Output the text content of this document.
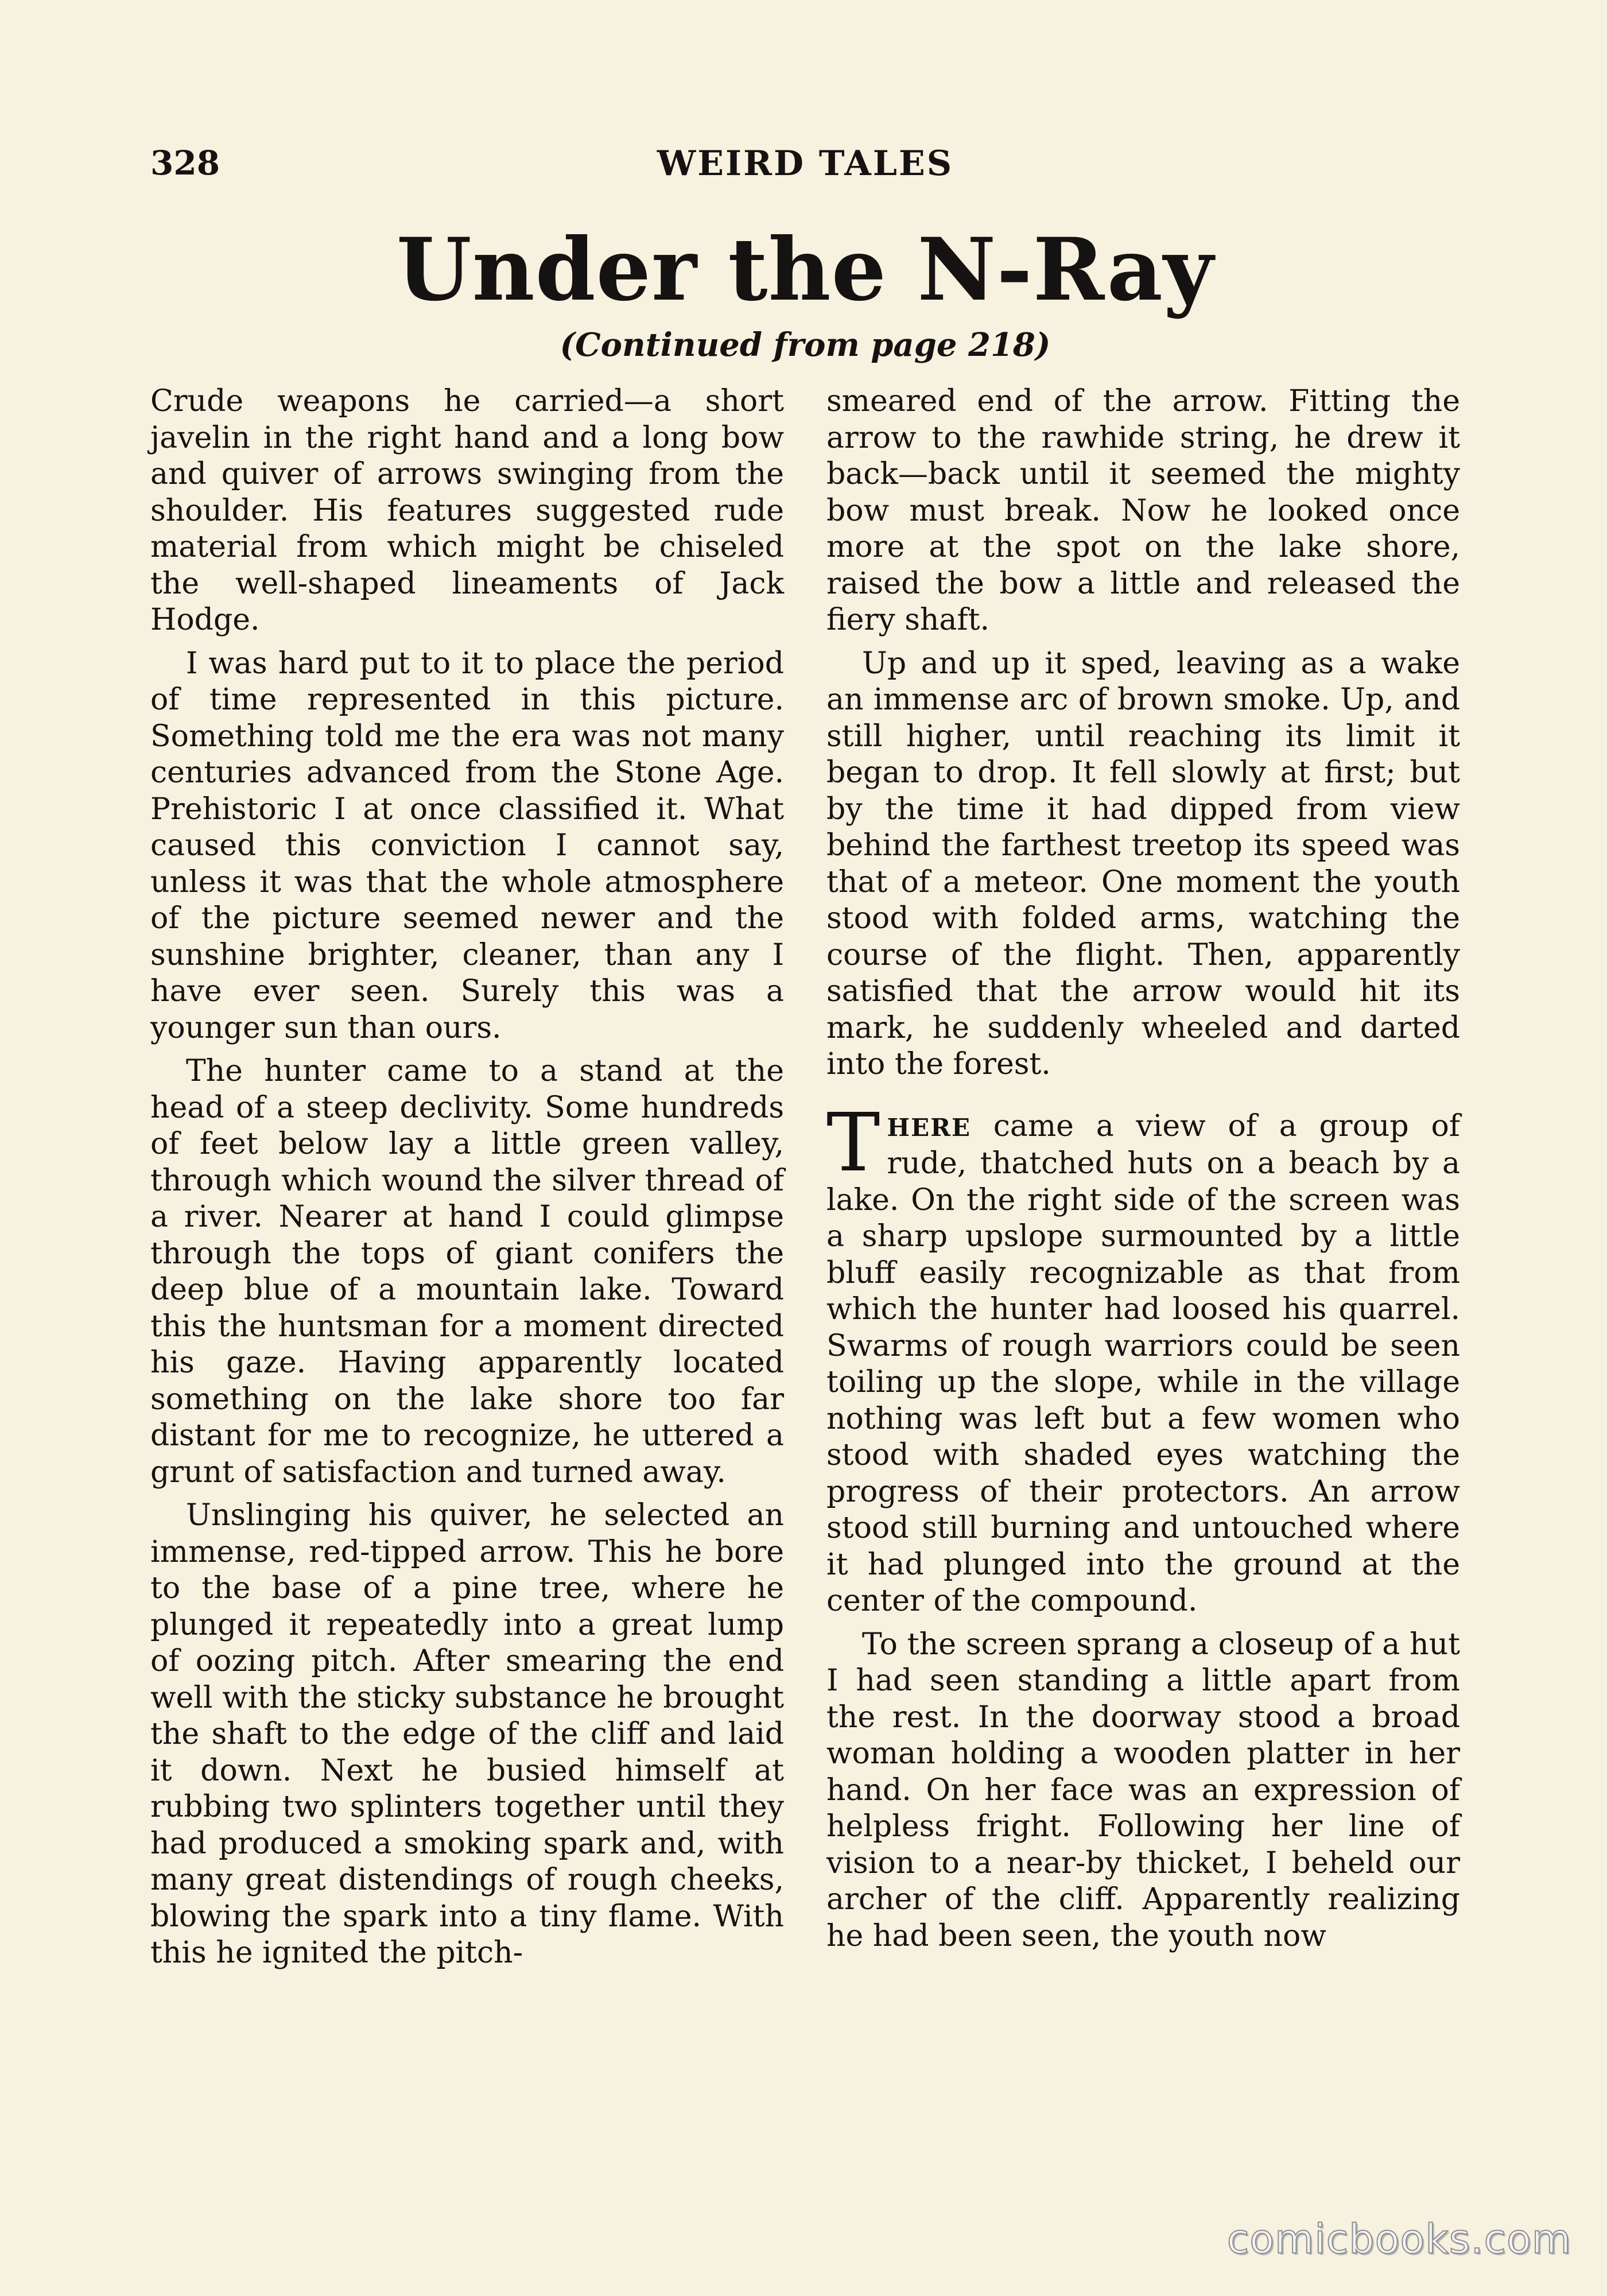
328	WEIRD TALES
Under the N-Ray
(Continued from page 218)

Crude weapons he carried—a short javelin in the right hand and a long bow and quiver of arrows swinging from the shoulder. His features suggested rude material from which might be chiseled the well-shaped lineaments of Jack Hodge.

I was hard put to it to place the period of time represented in this picture. Something told me the era was not many centuries advanced from the Stone Age. Prehistoric I at once classified it. What caused this conviction I cannot say, unless it was that the whole atmosphere of the picture seemed newer and the sunshine brighter, cleaner, than any I have ever seen. Surely this was a younger sun than ours.

The hunter came to a stand at the head of a steep declivity. Some hundreds of feet below lay a little green valley, through which wound the silver thread of a river. Nearer at hand I could glimpse through the tops of giant conifers the deep blue of a mountain lake. Toward this the huntsman for a moment directed his gaze. Having apparently located something on the lake shore too far distant for me to recognize, he uttered a grunt of satisfaction and turned away.

Unslinging his quiver, he selected an immense, red-tipped arrow. This he bore to the base of a pine tree, where he plunged it repeatedly into a great lump of oozing pitch. After smearing the end well with the sticky substance he brought the shaft to the edge of the cliff and laid it down. Next he busied himself at rubbing two splinters together until they had produced a smoking spark and, with many great distendings of rough cheeks, blowing the spark into a tiny flame. With this he ignited the pitch-

smeared end of the arrow. Fitting the arrow to the rawhide string, he drew it back—back until it seemed the mighty bow must break. Now he looked once more at the spot on the lake shore, raised the bow a little and released the fiery shaft.

Up and up it sped, leaving as a wake an immense arc of brown smoke. Up, and still higher, until reaching its limit it began to drop. It fell slowly at first; but by the time it had dipped from view behind the farthest treetop its speed was that of a meteor. One moment the youth stood with folded arms, watching the course of the flight. Then, apparently satisfied that the arrow would hit its mark, he suddenly wheeled and darted into the forest.

THERE came a view of a group of rude, thatched huts on a beach by a lake. On the right side of the screen was a sharp upslope surmounted by a little bluff easily recognizable as that from which the hunter had loosed his quarrel. Swarms of rough warriors could be seen toiling up the slope, while in the village nothing was left but a few women who stood with shaded eyes watching the progress of their protectors. An arrow stood still burning and untouched where it had plunged into the ground at the center of the compound.

To the screen sprang a closeup of a hut I had seen standing a little apart from the rest. In the doorway stood a broad woman holding a wooden platter in her hand. On her face was an expression of helpless fright. Following her line of vision to a near-by thicket, I beheld our archer of the cliff. Apparently realizing he had been seen, the youth now

comicbooks.com
